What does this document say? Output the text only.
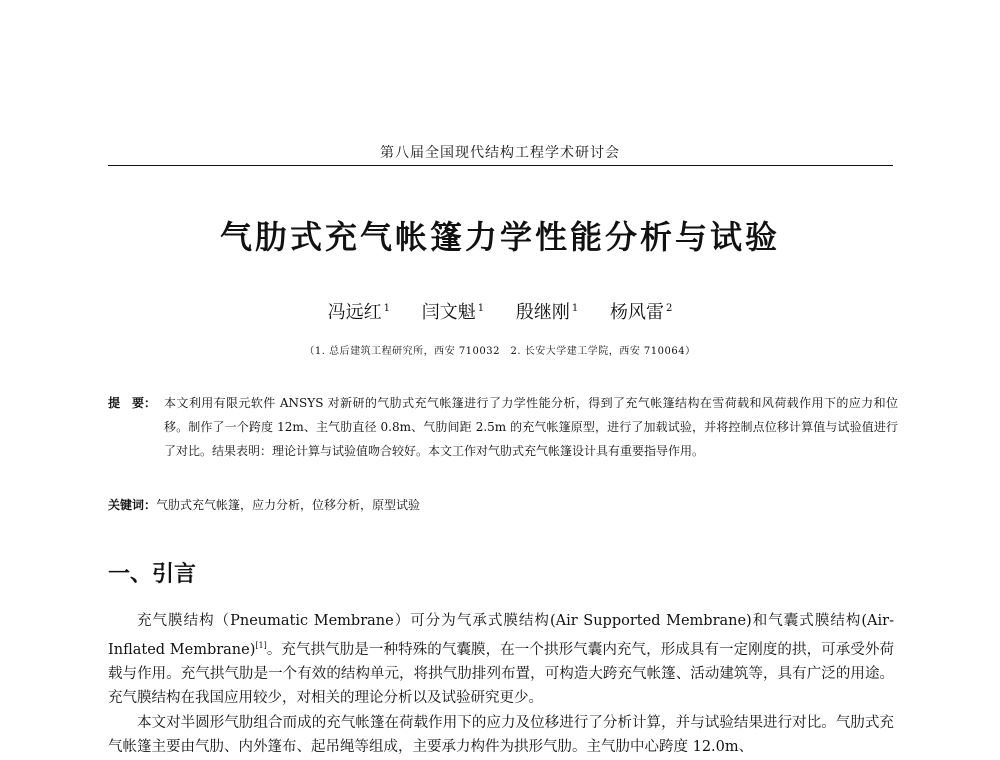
第八届全国现代结构工程学术研讨会
气肋式充气帐篷力学性能分析与试验
冯远红 $^1$ 闫文魁 $^1$ 殷继刚 $^1$ 杨风雷 $^2$
（1. 总后建筑工程研究所，西安 710032　2. 长安大学建工学院，西安 710064）
提　要： 本文利用有限元软件 ANSYS 对新研的气肋式充气帐篷进行了力学性能分析，得到了充气帐篷结构在雪荷载和风荷载作用下的应力和位移。制作了一个跨度 12m、主气肋直径 0.8m、气肋间距 2.5m 的充气帐篷原型，进行了加载试验，并将控制点位移计算值与试验值进行了对比。结果表明：理论计算与试验值吻合较好。本文工作对气肋式充气帐篷设计具有重要指导作用。
关键词：气肋式充气帐篷，应力分析，位移分析，原型试验
一、引言

充气膜结构（Pneumatic Membrane）可分为气承式膜结构(Air Supported Membrane)和气囊式膜结构(Air-Inflated Membrane)[1]。充气拱气肋是一种特殊的气囊膜，在一个拱形气囊内充气，形成具有一定刚度的拱，可承受外荷载与作用。充气拱气肋是一个有效的结构单元，将拱气肋排列布置，可构造大跨充气帐篷、活动建筑等，具有广泛的用途。充气膜结构在我国应用较少，对相关的理论分析以及试验研究更少。

本文对半圆形气肋组合而成的充气帐篷在荷载作用下的应力及位移进行了分析计算，并与试验结果进行对比。气肋式充气帐篷主要由气肋、内外篷布、起吊绳等组成，主要承力构件为拱形气肋。主气肋中心跨度 12.0m、
